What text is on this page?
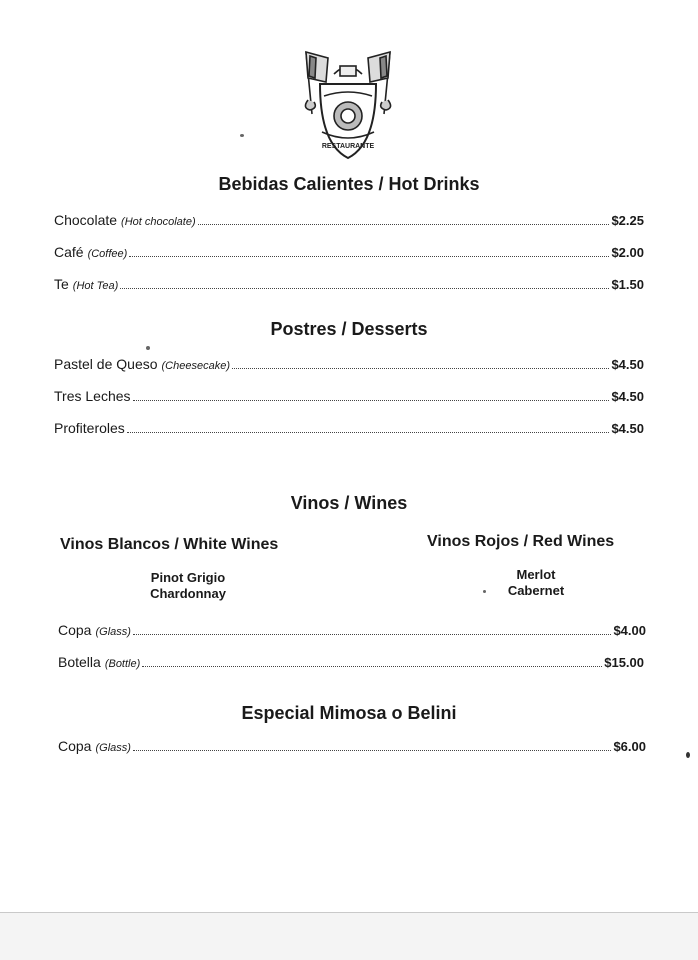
RESTAURANTE
Bebidas Calientes / Hot Drinks
Chocolate (Hot chocolate)	$2.25
Café (Coffee)	$2.00
Te (Hot Tea)	$1.50
Postres / Desserts
Pastel de Queso (Cheesecake)	$4.50
Tres Leches	$4.50
Profiteroles	$4.50
Vinos / Wines
Vinos Blancos / White Wines	Vinos Rojos / Red Wines
Pinot Grigio
Chardonnay
Merlot
Cabernet
Copa (Glass)	$4.00
Botella (Bottle)	$15.00
Especial Mimosa o Belini
Copa (Glass)	$6.00
